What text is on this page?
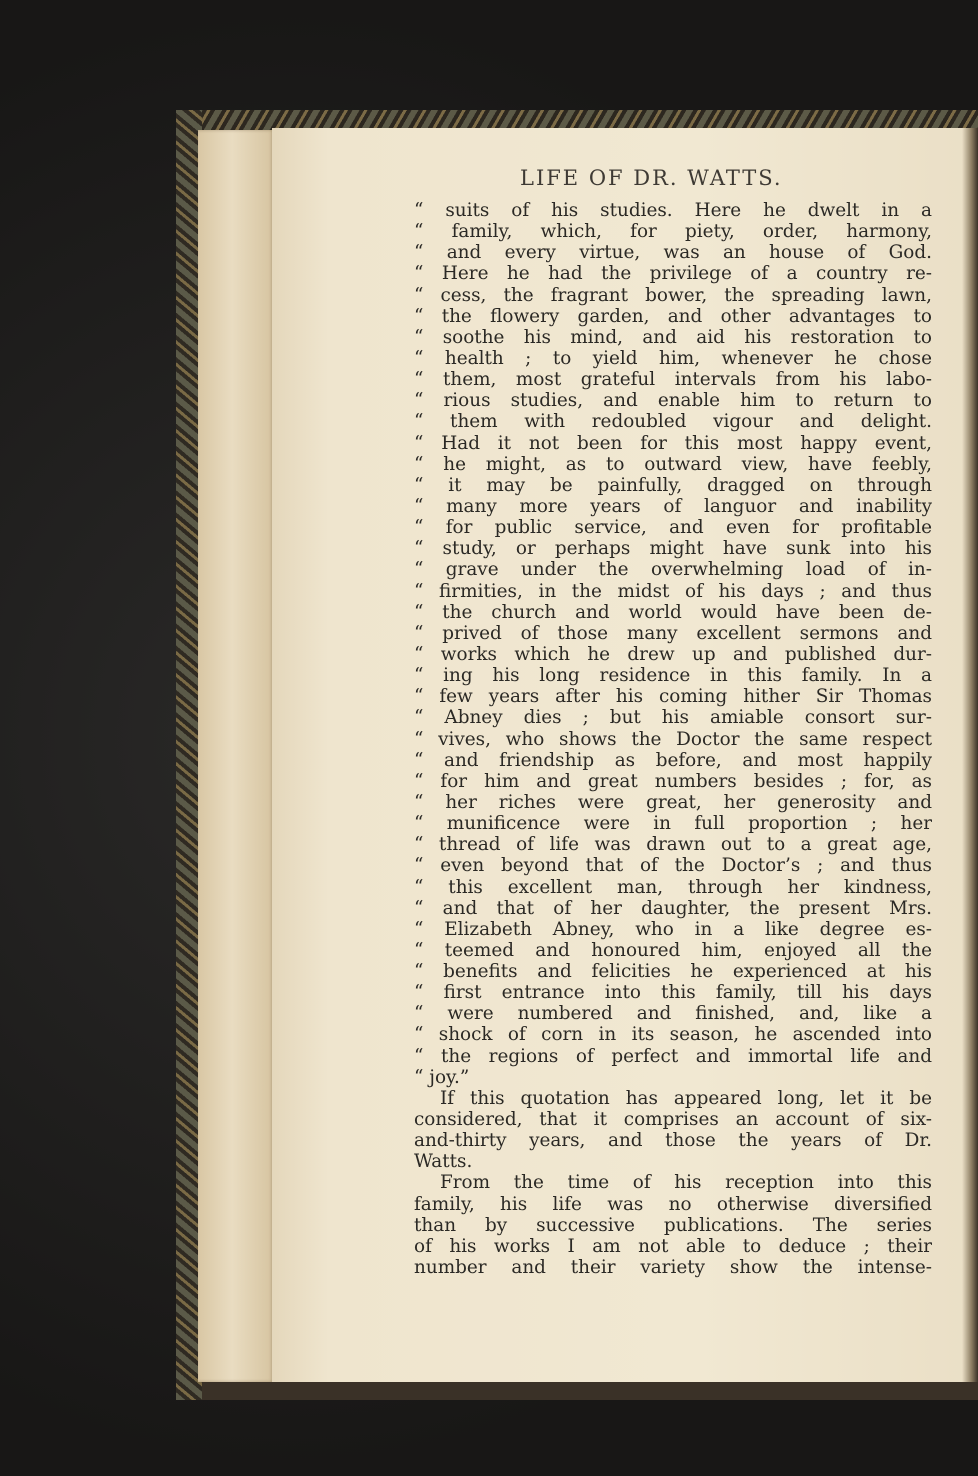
LIFE OF DR. WATTS.
“ suits of his studies. Here he dwelt in a
“ family, which, for piety, order, harmony,
“ and every virtue, was an house of God.
“ Here he had the privilege of a country re-
“ cess, the fragrant bower, the spreading lawn,
“ the flowery garden, and other advantages to
“ soothe his mind, and aid his restoration to
“ health ; to yield him, whenever he chose
“ them, most grateful intervals from his labo-
“ rious studies, and enable him to return to
“ them with redoubled vigour and delight.
“ Had it not been for this most happy event,
“ he might, as to outward view, have feebly,
“ it may be painfully, dragged on through
“ many more years of languor and inability
“ for public service, and even for profitable
“ study, or perhaps might have sunk into his
“ grave under the overwhelming load of in-
“ firmities, in the midst of his days ; and thus
“ the church and world would have been de-
“ prived of those many excellent sermons and
“ works which he drew up and published dur-
“ ing his long residence in this family. In a
“ few years after his coming hither Sir Thomas
“ Abney dies ; but his amiable consort sur-
“ vives, who shows the Doctor the same respect
“ and friendship as before, and most happily
“ for him and great numbers besides ; for, as
“ her riches were great, her generosity and
“ munificence were in full proportion ; her
“ thread of life was drawn out to a great age,
“ even beyond that of the Doctor’s ; and thus
“ this excellent man, through her kindness,
“ and that of her daughter, the present Mrs.
“ Elizabeth Abney, who in a like degree es-
“ teemed and honoured him, enjoyed all the
“ benefits and felicities he experienced at his
“ first entrance into this family, till his days
“ were numbered and finished, and, like a
“ shock of corn in its season, he ascended into
“ the regions of perfect and immortal life and
“ joy.”
If this quotation has appeared long, let it be
considered, that it comprises an account of six-
and-thirty years, and those the years of Dr.
Watts.
From the time of his reception into this
family, his life was no otherwise diversified
than by successive publications. The series
of his works I am not able to deduce ; their
number and their variety show the intense-
